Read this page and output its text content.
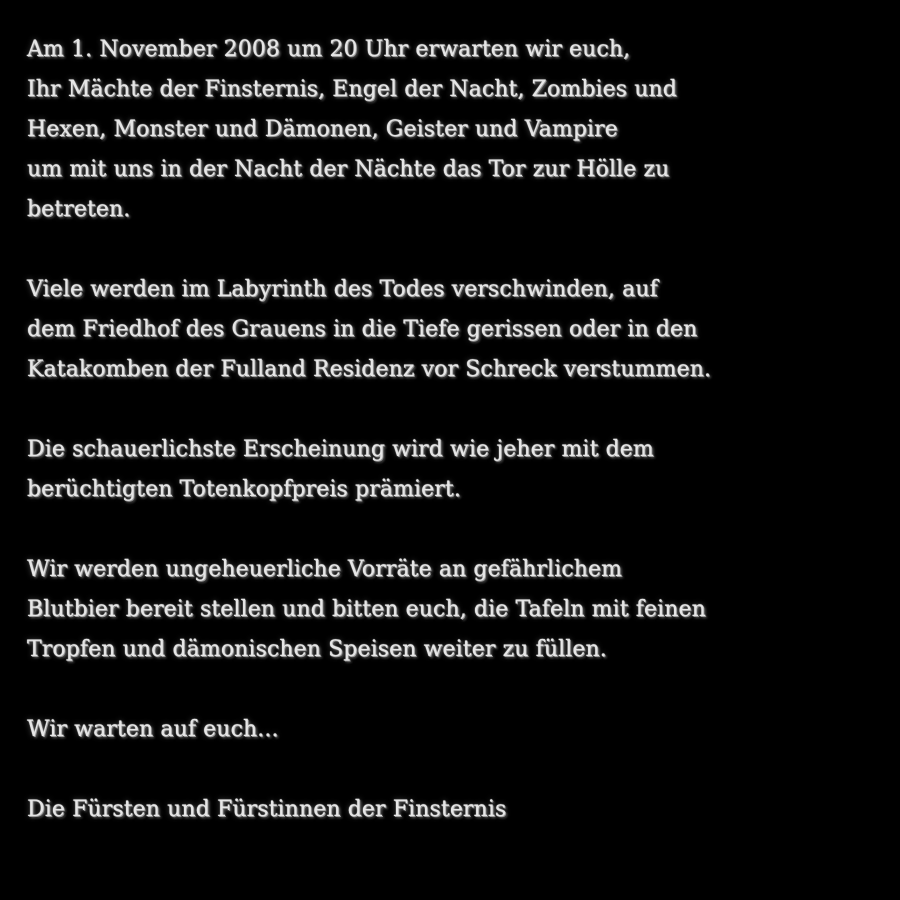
Am 1. November 2008 um 20 Uhr erwarten wir euch,
Ihr Mächte der Finsternis, Engel der Nacht, Zombies und
Hexen, Monster und Dämonen, Geister und Vampire
um mit uns in der Nacht der Nächte das Tor zur Hölle zu
betreten.
Viele werden im Labyrinth des Todes verschwinden, auf
dem Friedhof des Grauens in die Tiefe gerissen oder in den
Katakomben der Fulland Residenz vor Schreck verstummen.
Die schauerlichste Erscheinung wird wie jeher mit dem
berüchtigten Totenkopfpreis prämiert.
Wir werden ungeheuerliche Vorräte an gefährlichem
Blutbier bereit stellen und bitten euch, die Tafeln mit feinen
Tropfen und dämonischen Speisen weiter zu füllen.
Wir warten auf euch...
Die Fürsten und Fürstinnen der Finsternis
